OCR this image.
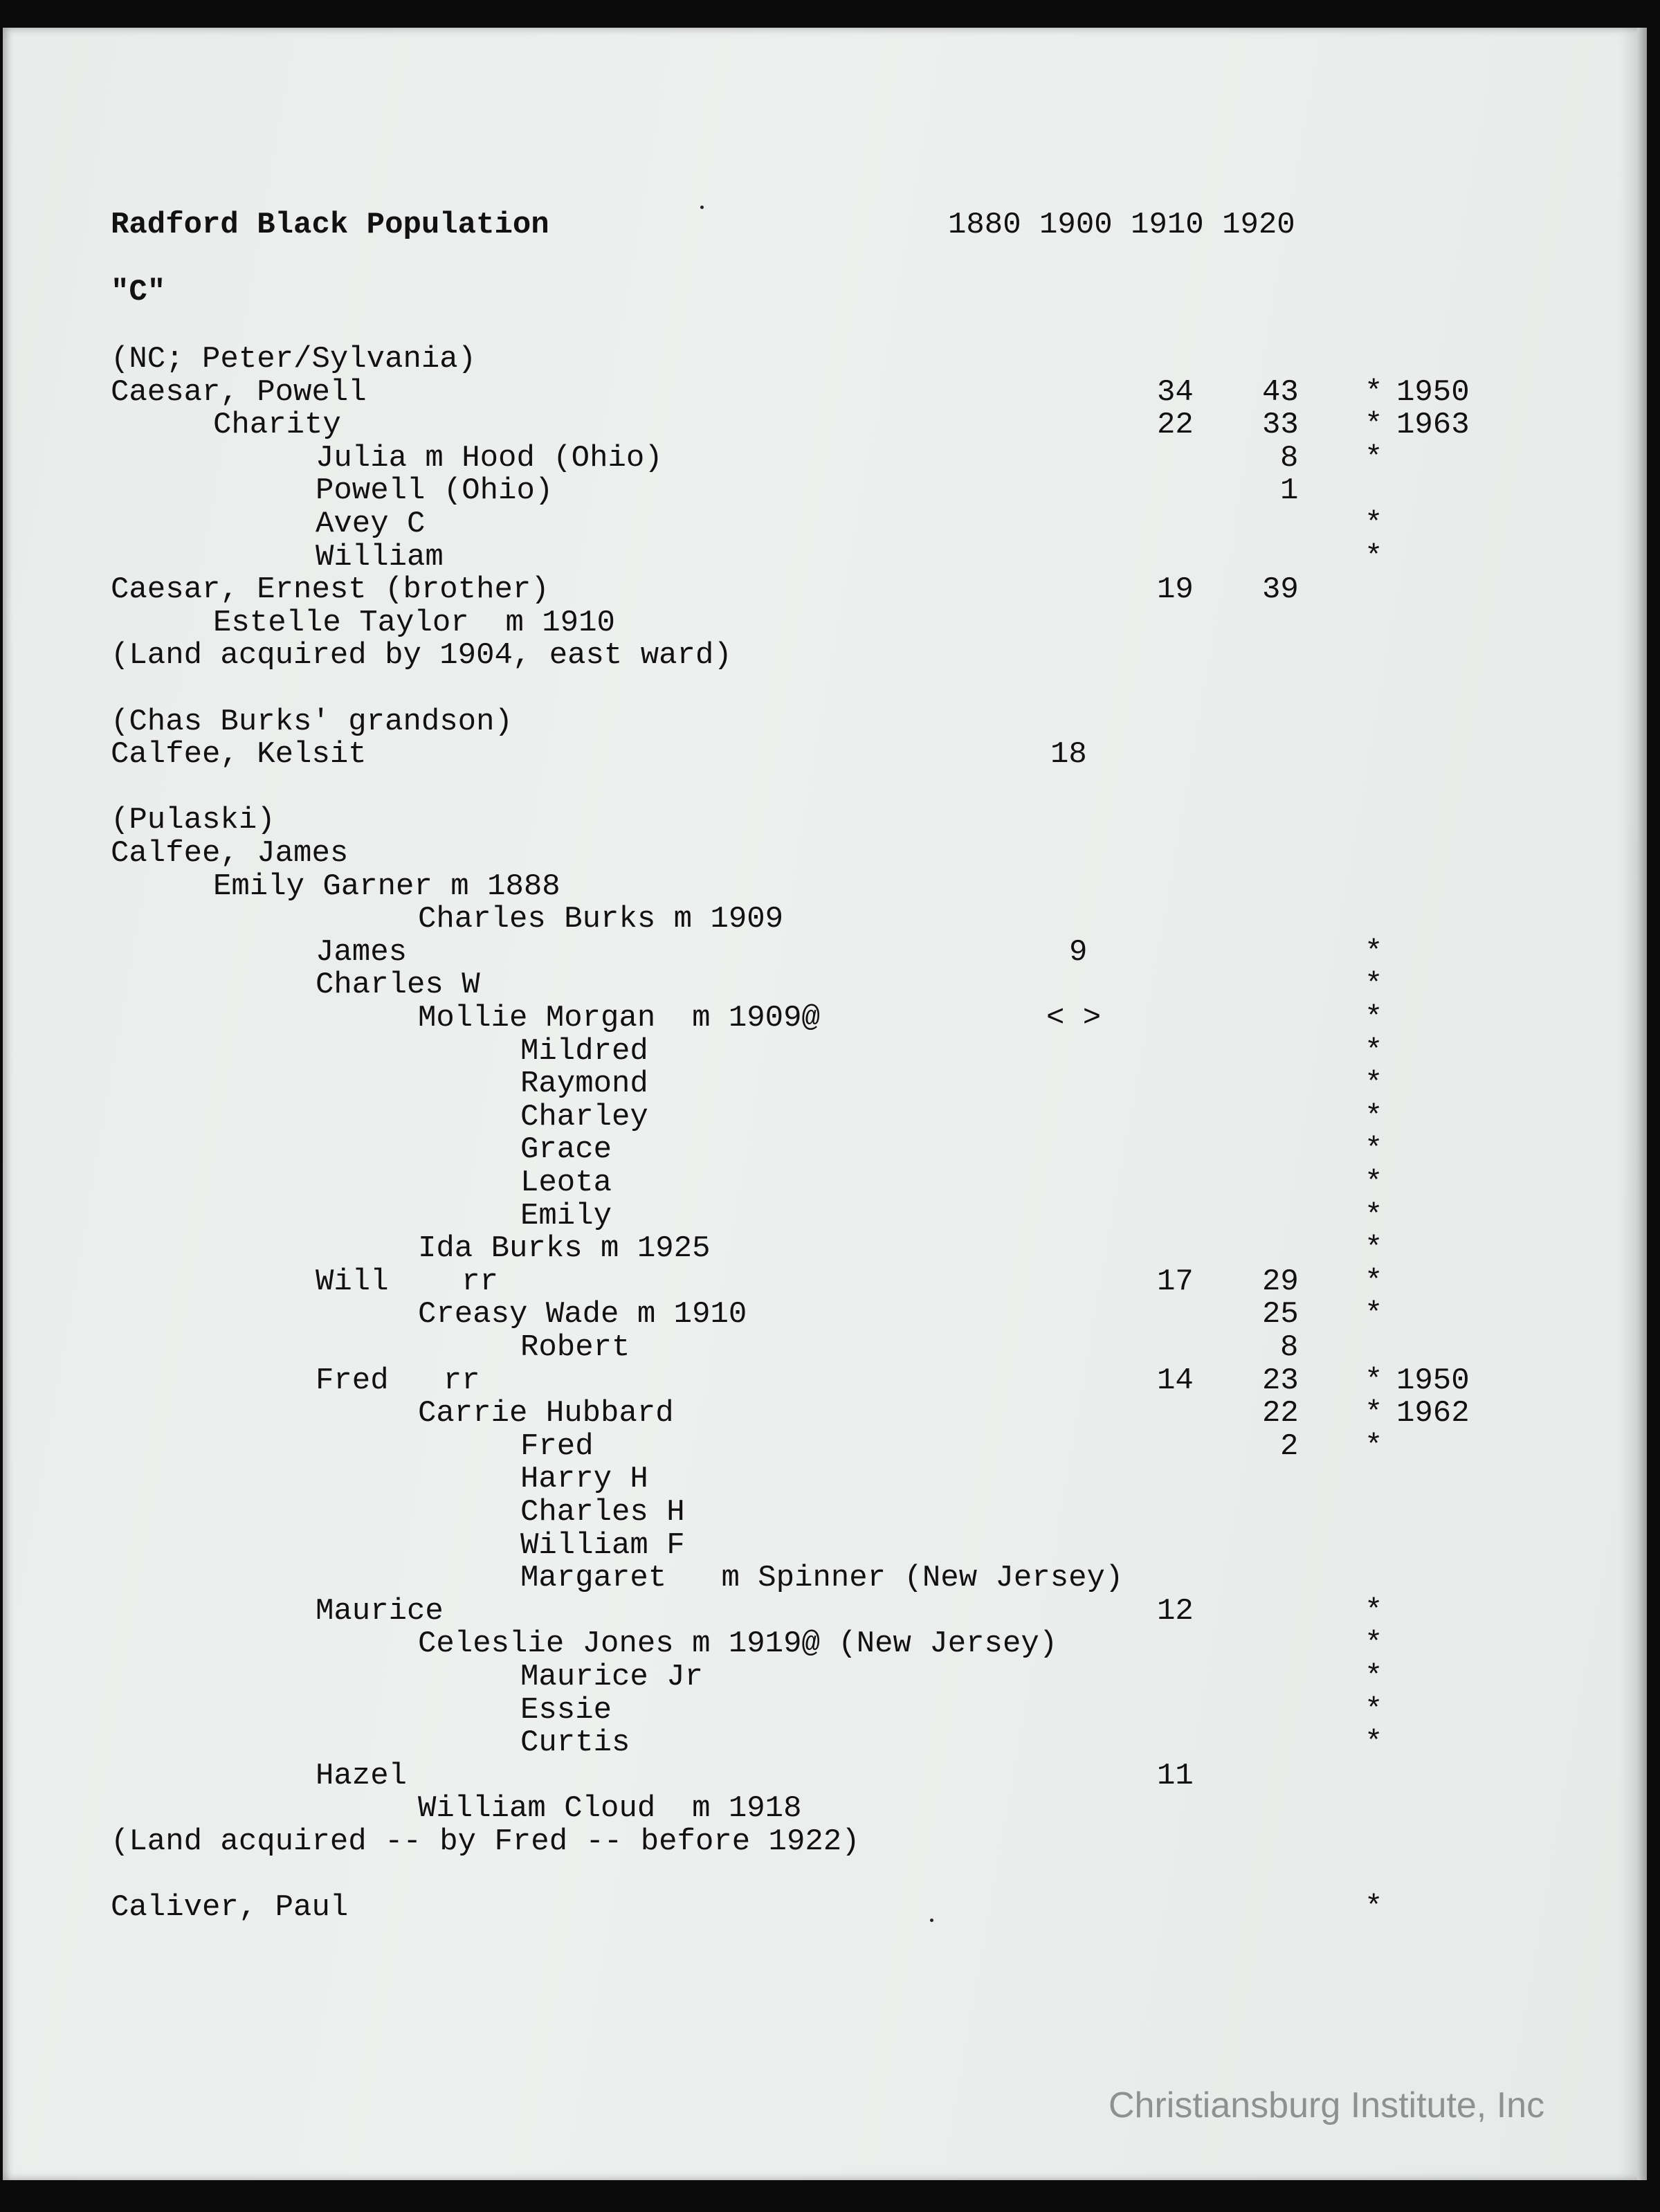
Radford Black Population	1880 1900 1910 1920
"C"
(NC; Peter/Sylvania)
Caesar, Powell	34 43 * 1950
Charity	22 33 * 1963
Julia m Hood (Ohio)	8 *
Powell (Ohio)	1
Avey C	*
William	*
Caesar, Ernest (brother)	19 39
Estelle Taylor  m 1910
(Land acquired by 1904, east ward)
(Chas Burks' grandson)
Calfee, Kelsit	18
(Pulaski)
Calfee, James
Emily Garner m 1888
Charles Burks m 1909
James	9	*
Charles W	*
Mollie Morgan  m 1909@	< >	*
Mildred	*
Raymond	*
Charley	*
Grace	*
Leota	*
Emily	*
Ida Burks m 1925	*
Will    rr	17 29 *
Creasy Wade m 1910	25 *
Robert	8
Fred   rr	14 23 * 1950
Carrie Hubbard	22 * 1962
Fred	2 *
Harry H
Charles H
William F
Margaret   m Spinner (New Jersey)
Maurice	12	*
Celeslie Jones m 1919@ (New Jersey)	*
Maurice Jr	*
Essie	*
Curtis	*
Hazel	11
William Cloud  m 1918
(Land acquired -- by Fred -- before 1922)
Caliver, Paul	*
Christiansburg Institute, Inc
